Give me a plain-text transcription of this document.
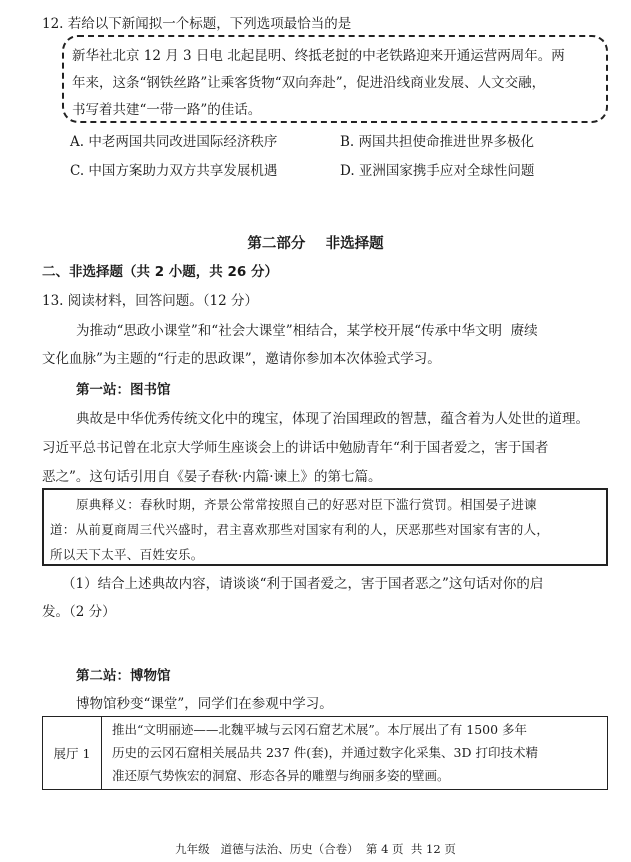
12. 若给以下新闻拟一个标题，下列选项最恰当的是
新华社北京 12 月 3 日电 北起昆明、终抵老挝的中老铁路迎来开通运营两周年。两
年来，这条“钢铁丝路”让乘客货物“双向奔赴”，促进沿线商业发展、人文交融，
书写着共建“一带一路”的佳话。
A. 中老两国共同改进国际经济秩序	B. 两国共担使命推进世界多极化
C. 中国方案助力双方共享发展机遇	D. 亚洲国家携手应对全球性问题
第二部分    非选择题
二、非选择题（共 2 小题，共 26 分）
13. 阅读材料，回答问题。（12 分）
为推动“思政小课堂”和“社会大课堂”相结合，某学校开展“传承中华文明  赓续
文化血脉”为主题的“行走的思政课”，邀请你参加本次体验式学习。
第一站：图书馆
典故是中华优秀传统文化中的瑰宝，体现了治国理政的智慧，蕴含着为人处世的道理。
习近平总书记曾在北京大学师生座谈会上的讲话中勉励青年“利于国者爱之，害于国者
恶之”。这句话引用自《晏子春秋·内篇·谏上》的第七篇。
原典释义：春秋时期，齐景公常常按照自己的好恶对臣下滥行赏罚。相国晏子进谏
道：从前夏商周三代兴盛时，君主喜欢那些对国家有利的人，厌恶那些对国家有害的人，
所以天下太平、百姓安乐。
（1）结合上述典故内容，请谈谈“利于国者爱之，害于国者恶之”这句话对你的启
发。（2 分）
第二站：博物馆
博物馆秒变“课堂”，同学们在参观中学习。
展厅 1	
推出“文明丽迹——北魏平城与云冈石窟艺术展”。本厅展出了有 1500 多年
历史的云冈石窟相关展品共 237 件(套)，并通过数字化采集、3D 打印技术精
准还原气势恢宏的洞窟、形态各异的雕塑与绚丽多姿的壁画。
九年级   道德与法治、历史（合卷）  第 4 页  共 12 页
